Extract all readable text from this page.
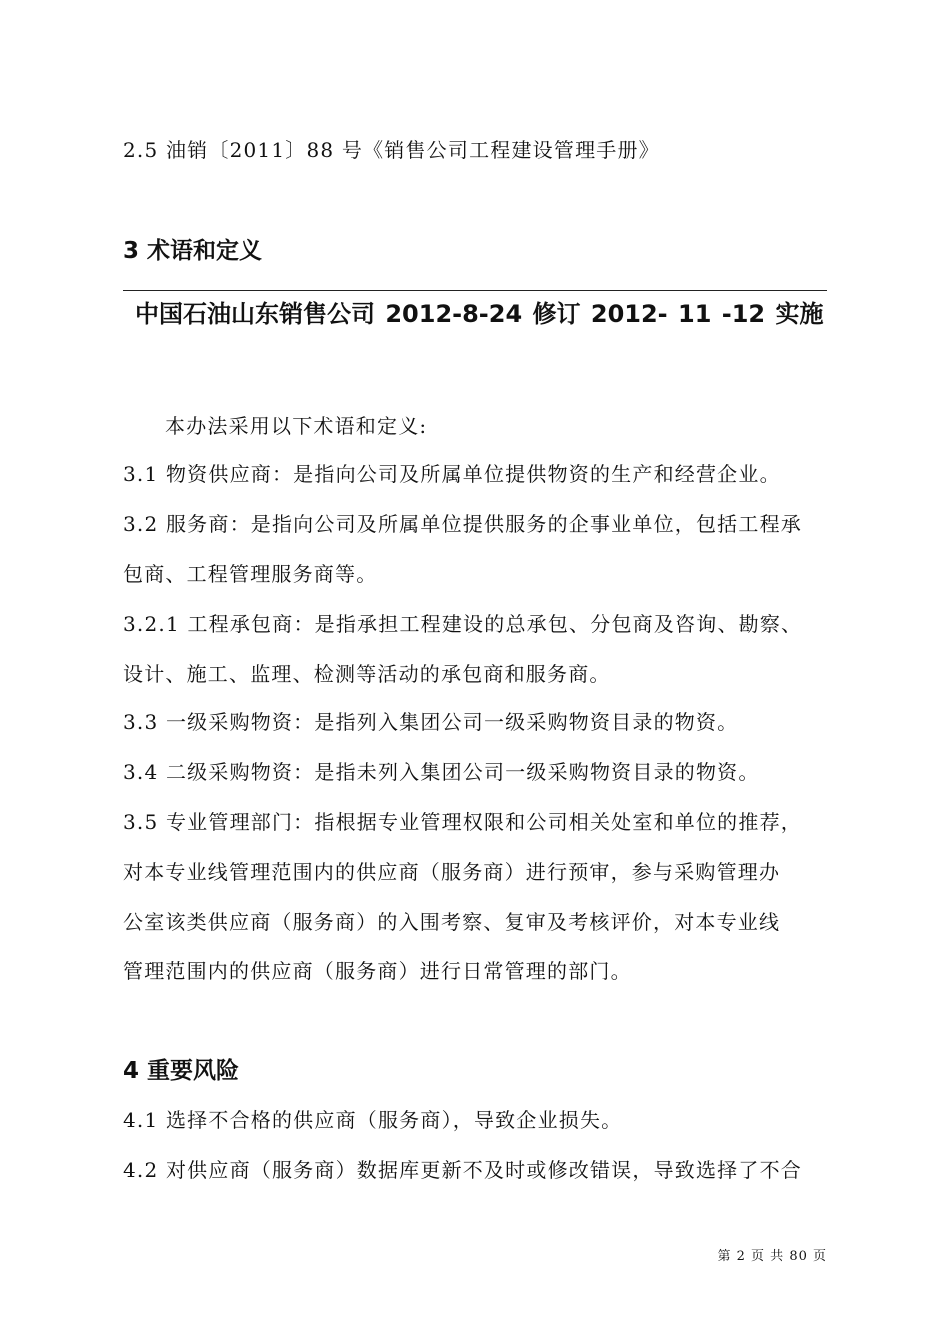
2.5 油销〔2011〕88 号《销售公司工程建设管理手册》
3 术语和定义
中国石油山东销售公司 2012-8-24 修订 2012- 11 -12 实施
本办法采用以下术语和定义:
3.1 物资供应商：是指向公司及所属单位提供物资的生产和经营企业。
3.2 服务商：是指向公司及所属单位提供服务的企事业单位，包括工程承
包商、工程管理服务商等。
3.2.1 工程承包商：是指承担工程建设的总承包、分包商及咨询、勘察、
设计、施工、监理、检测等活动的承包商和服务商。
3.3 一级采购物资：是指列入集团公司一级采购物资目录的物资。
3.4 二级采购物资：是指未列入集团公司一级采购物资目录的物资。
3.5 专业管理部门：指根据专业管理权限和公司相关处室和单位的推荐，
对本专业线管理范围内的供应商（服务商）进行预审，参与采购管理办
公室该类供应商（服务商）的入围考察、复审及考核评价，对本专业线
管理范围内的供应商（服务商）进行日常管理的部门。
4 重要风险
4.1 选择不合格的供应商（服务商），导致企业损失。
4.2 对供应商（服务商）数据库更新不及时或修改错误，导致选择了不合
第 2 页 共 80 页
